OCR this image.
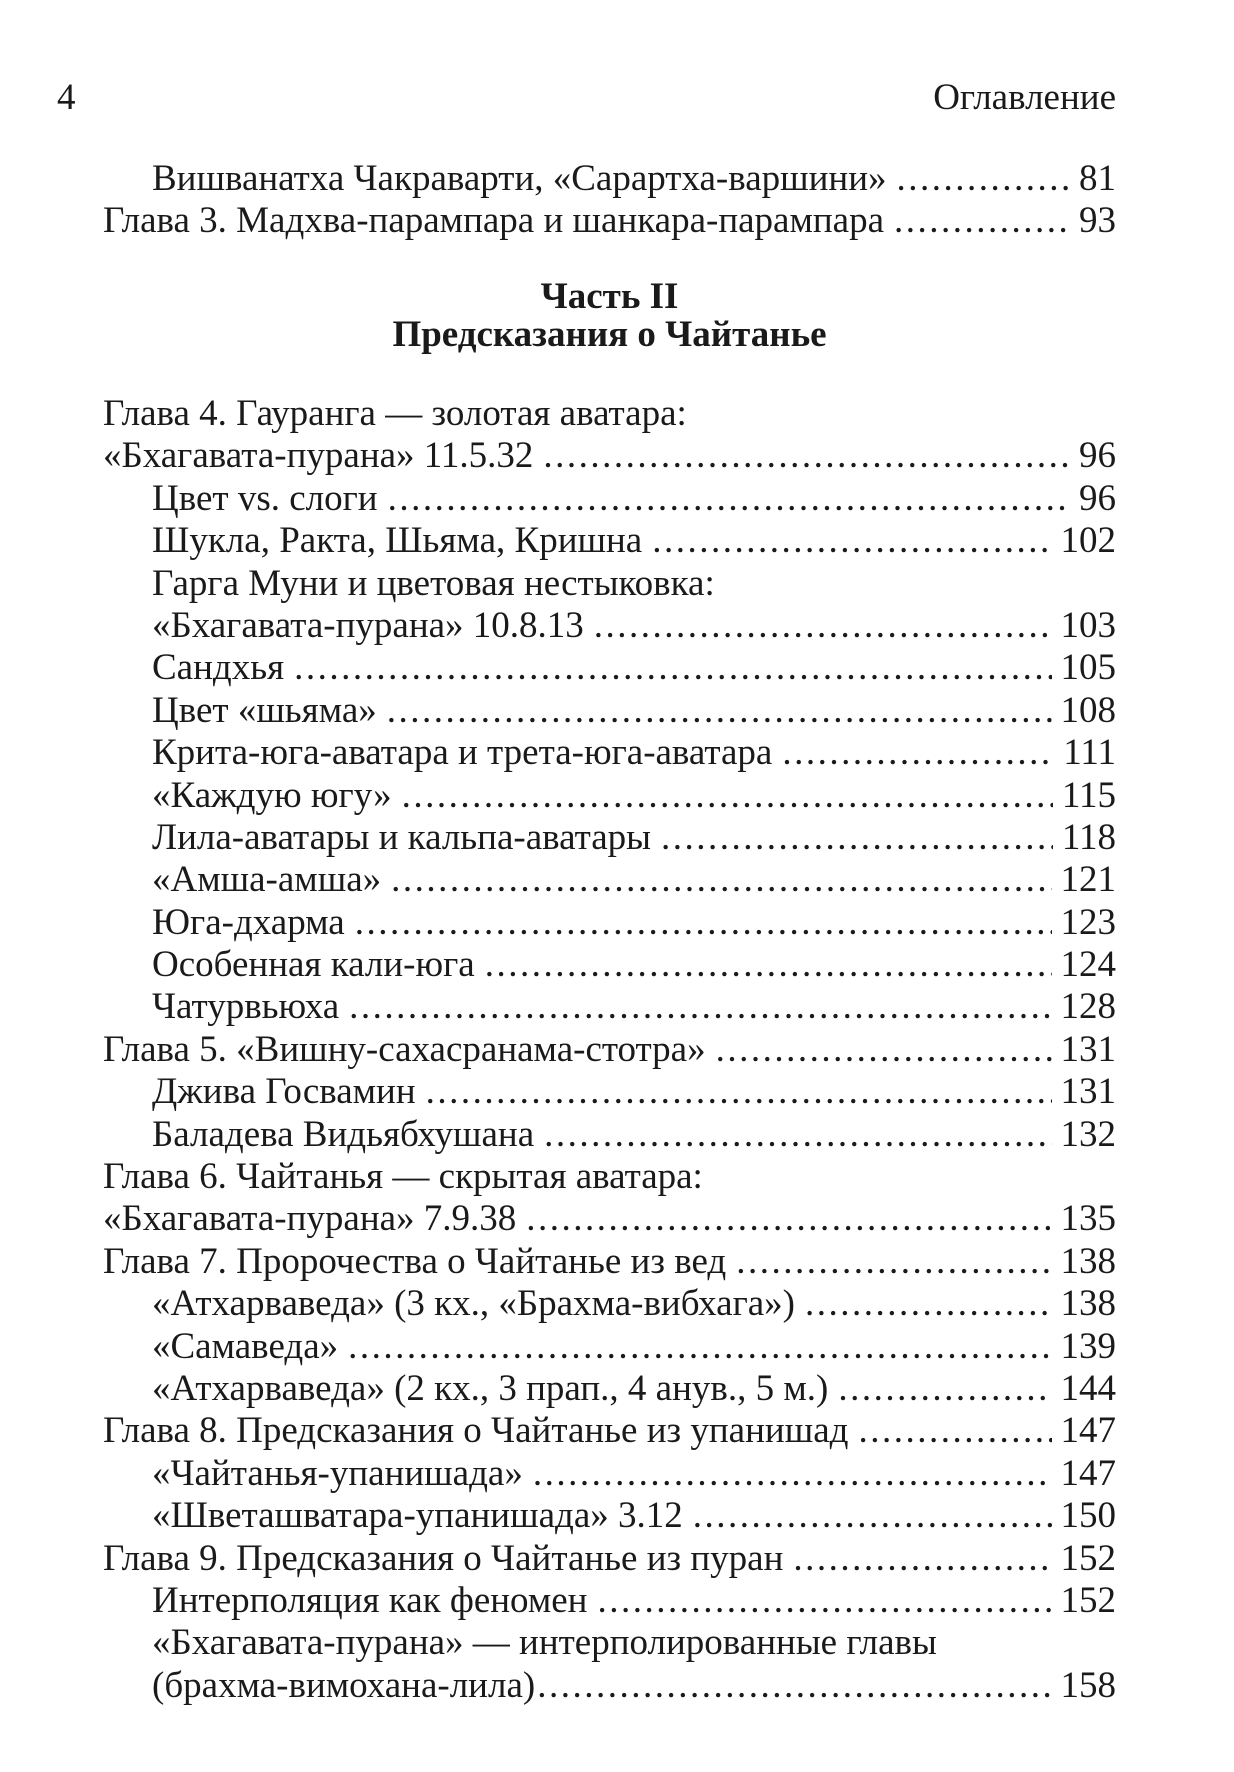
4	Оглавление
Вишванатха Чакраварти, «Сарартха-варшини» .....	81
Глава 3. Мадхва-парампара и шанкара-парампара .....	93
Часть II
Предсказания о Чайтанье
Глава 4. Гауранга — золотая аватара:
«Бхагавата-пурана» 11.5.32 .....	96
Цвет vs. слоги .....	96
Шукла, Ракта, Шьяма, Кришна .....	102
Гарга Муни и цветовая нестыковка:
«Бхагавата-пурана» 10.8.13 .....	103
Сандхья .....	105
Цвет «шьяма» .....	108
Крита-юга-аватара и трета-юга-аватара .....	111
«Каждую югу» .....	115
Лила-аватары и кальпа-аватары .....	118
«Амша-амша» .....	121
Юга-дхарма .....	123
Особенная кали-юга .....	124
Чатурвьюха .....	128
Глава 5. «Вишну-сахасранама-стотра» .....	131
Джива Госвамин .....	131
Баладева Видьябхушана .....	132
Глава 6. Чайтанья — скрытая аватара:
«Бхагавата-пурана» 7.9.38 .....	135
Глава 7. Пророчества о Чайтанье из вед .....	138
«Атхарваведа» (3 кх., «Брахма-вибхага») .....	138
«Самаведа» .....	139
«Атхарваведа» (2 кх., 3 прап., 4 анув., 5 м.) .....	144
Глава 8. Предсказания о Чайтанье из упанишад .....	147
«Чайтанья-упанишада» .....	147
«Шветашватара-упанишада» 3.12 .....	150
Глава 9. Предсказания о Чайтанье из пуран .....	152
Интерполяция как феномен .....	152
«Бхагавата-пурана» — интерполированные главы
(брахма-вимохана-лила) .....	158
